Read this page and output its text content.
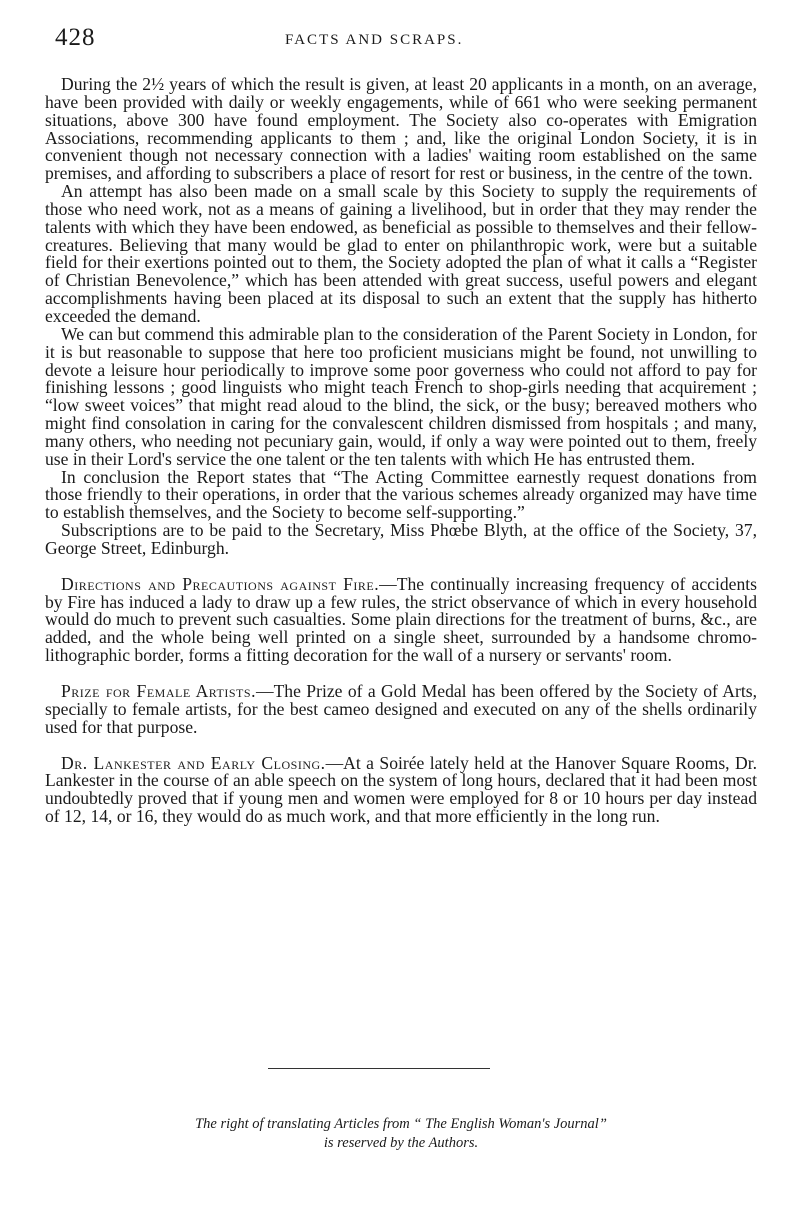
428	FACTS AND SCRAPS.

During the 2½ years of which the result is given, at least 20 applicants in a month, on an average, have been provided with daily or weekly engagements, while of 661 who were seeking permanent situations, above 300 have found employment. The Society also co-operates with Emigration Associations, recommending applicants to them ; and, like the original London Society, it is in convenient though not necessary connection with a ladies' waiting room established on the same premises, and affording to subscribers a place of resort for rest or business, in the centre of the town.

An attempt has also been made on a small scale by this Society to supply the requirements of those who need work, not as a means of gaining a livelihood, but in order that they may render the talents with which they have been endowed, as beneficial as possible to themselves and their fellow-creatures. Believing that many would be glad to enter on philanthropic work, were but a suitable field for their exertions pointed out to them, the Society adopted the plan of what it calls a “Register of Christian Benevolence,” which has been attended with great success, useful powers and elegant accomplishments having been placed at its disposal to such an extent that the supply has hitherto exceeded the demand.

We can but commend this admirable plan to the consideration of the Parent Society in London, for it is but reasonable to suppose that here too proficient musicians might be found, not unwilling to devote a leisure hour periodically to improve some poor governess who could not afford to pay for finishing lessons ; good linguists who might teach French to shop-girls needing that acquirement ; “low sweet voices” that might read aloud to the blind, the sick, or the busy; bereaved mothers who might find consolation in caring for the convalescent children dismissed from hospitals ; and many, many others, who needing not pecuniary gain, would, if only a way were pointed out to them, freely use in their Lord's service the one talent or the ten talents with which He has entrusted them.

In conclusion the Report states that “The Acting Committee earnestly request donations from those friendly to their operations, in order that the various schemes already organized may have time to establish themselves, and the Society to become self-supporting.”

Subscriptions are to be paid to the Secretary, Miss Phœbe Blyth, at the office of the Society, 37, George Street, Edinburgh.

Directions and Precautions against Fire.—The continually increasing frequency of accidents by Fire has induced a lady to draw up a few rules, the strict observance of which in every household would do much to prevent such casualties. Some plain directions for the treatment of burns, &c., are added, and the whole being well printed on a single sheet, surrounded by a handsome chromo-lithographic border, forms a fitting decoration for the wall of a nursery or servants' room.

Prize for Female Artists.—The Prize of a Gold Medal has been offered by the Society of Arts, specially to female artists, for the best cameo designed and executed on any of the shells ordinarily used for that purpose.

Dr. Lankester and Early Closing.—At a Soirée lately held at the Hanover Square Rooms, Dr. Lankester in the course of an able speech on the system of long hours, declared that it had been most undoubtedly proved that if young men and women were employed for 8 or 10 hours per day instead of 12, 14, or 16, they would do as much work, and that more efficiently in the long run.

The right of translating Articles from “ The English Woman's Journal”
is reserved by the Authors.
